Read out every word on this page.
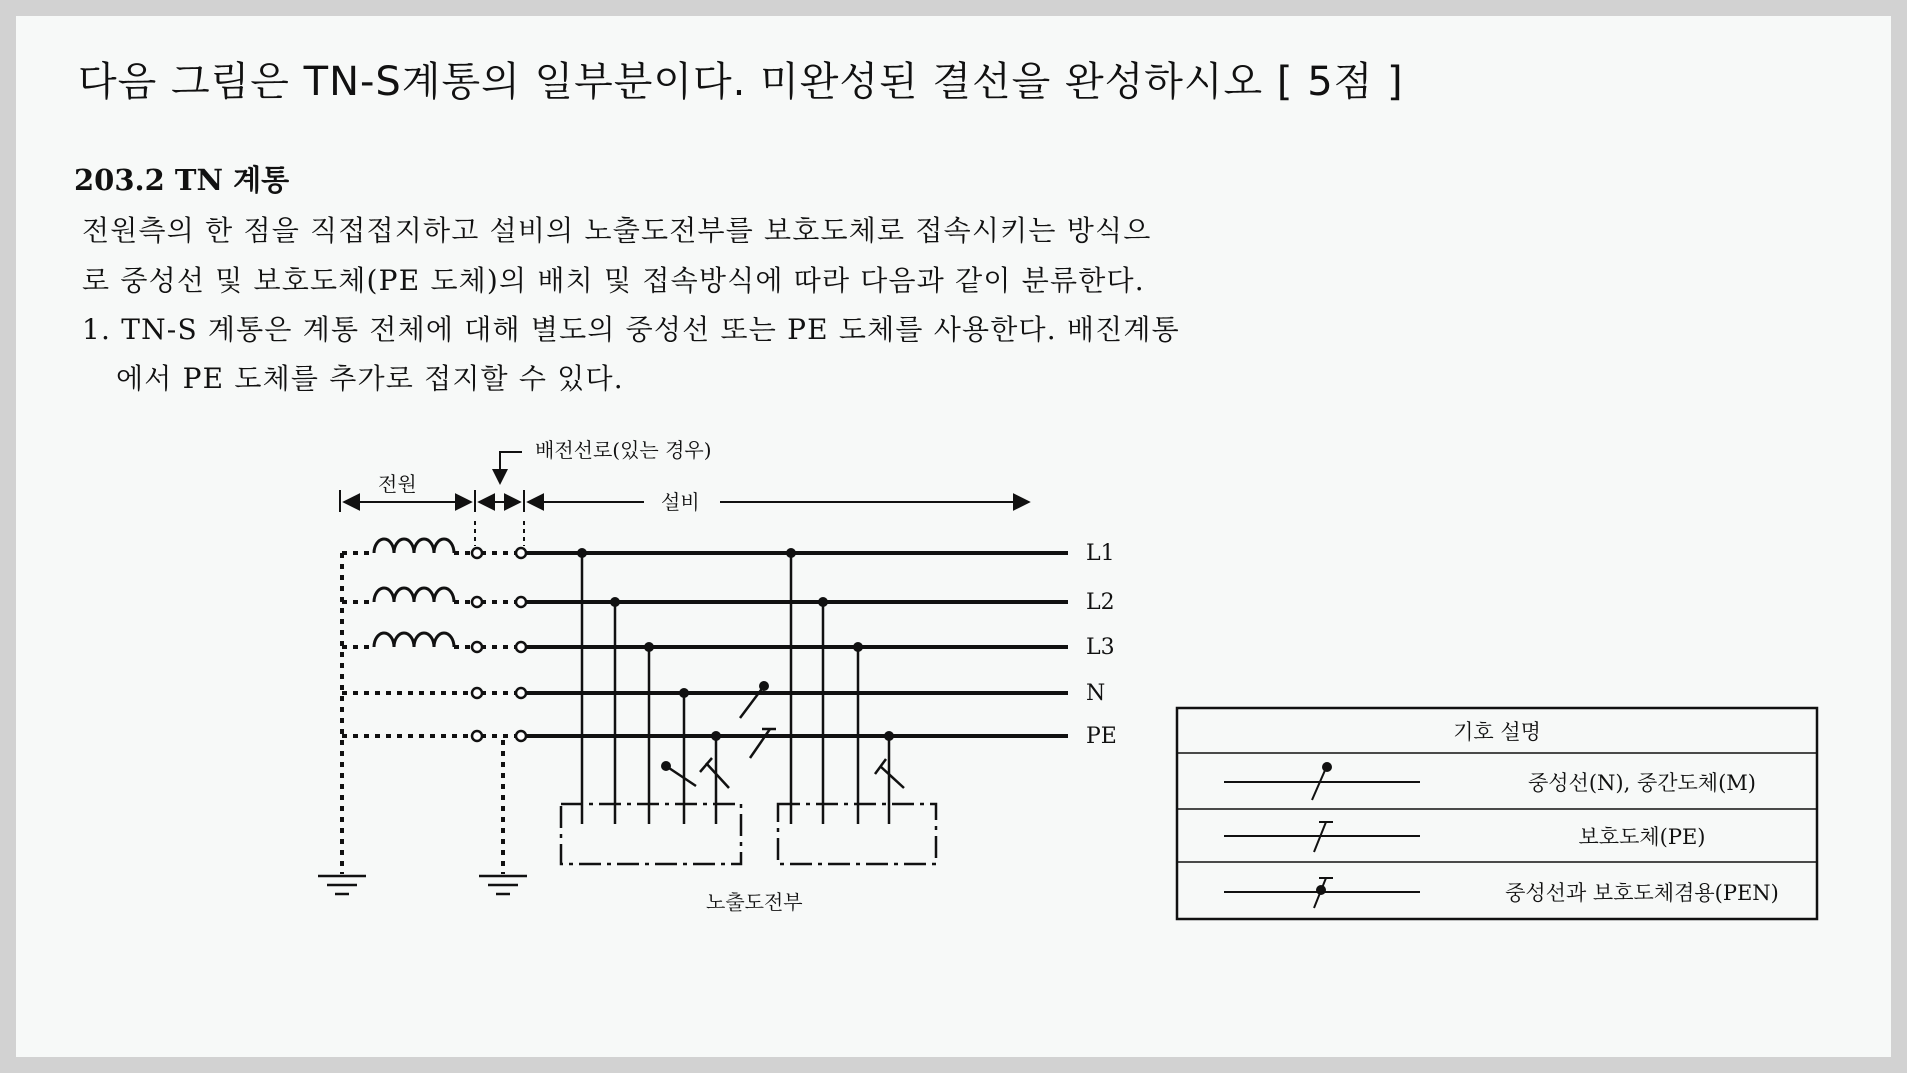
다음 그림은 TN-S계통의 일부분이다. 미완성된 결선을 완성하시오 [ 5점 ]
203.2 TN 계통
전원측의 한 점을 직접접지하고 설비의 노출도전부를 보호도체로 접속시키는 방식으
로 중성선 및 보호도체(PE 도체)의 배치 및 접속방식에 따라 다음과 같이 분류한다.
1. TN-S 계통은 계통 전체에 대해 별도의 중성선 또는 PE 도체를 사용한다. 배진계통
에서 PE 도체를 추가로 접지할 수 있다.
배전선로(있는 경우)
전원
설비
L1
L2
L3
N
PE
노출도전부
기호 설명
중성선(N), 중간도체(M)
보호도체(PE)
중성선과 보호도체겸용(PEN)
